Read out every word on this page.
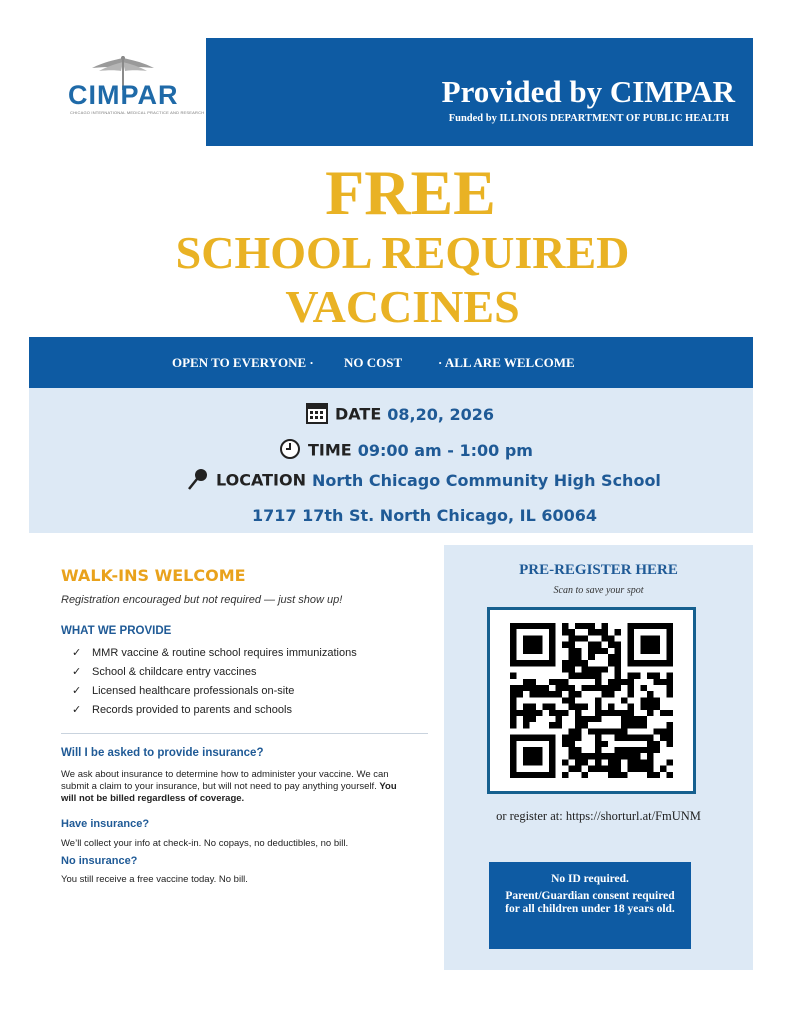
CIMPAR
CHICAGO INTERNATIONAL MEDICAL PRACTICE AND RESEARCH
Provided by CIMPAR
Funded by ILLINOIS DEPARTMENT OF PUBLIC HEALTH
FREE
SCHOOL REQUIRED
VACCINES
OPEN TO EVERYONE · NO COST	· ALL ARE WELCOME
DATE 08,20, 2026
TIME 09:00 am - 1:00 pm
LOCATION North Chicago Community High School
1717 17th St. North Chicago, IL 60064
WALK-INS WELCOME
Registration encouraged but not required — just show up!
WHAT WE PROVIDE
✓ MMR vaccine & routine school requires immunizations
✓ School & childcare entry vaccines
✓ Licensed healthcare professionals on-site
✓ Records provided to parents and schools
Will I be asked to provide insurance?
We ask about insurance to determine how to administer your vaccine. We can submit a claim to your insurance, but will not need to pay anything yourself. You will not be billed regardless of coverage.
Have insurance?
We’ll collect your info at check-in. No copays, no deductibles, no bill.
No insurance?
You still receive a free vaccine today. No bill.
PRE-REGISTER HERE
Scan to save your spot
or register at: https://shorturl.at/FmUNM
No ID required.
Parent/Guardian consent required for all children under 18 years old.
